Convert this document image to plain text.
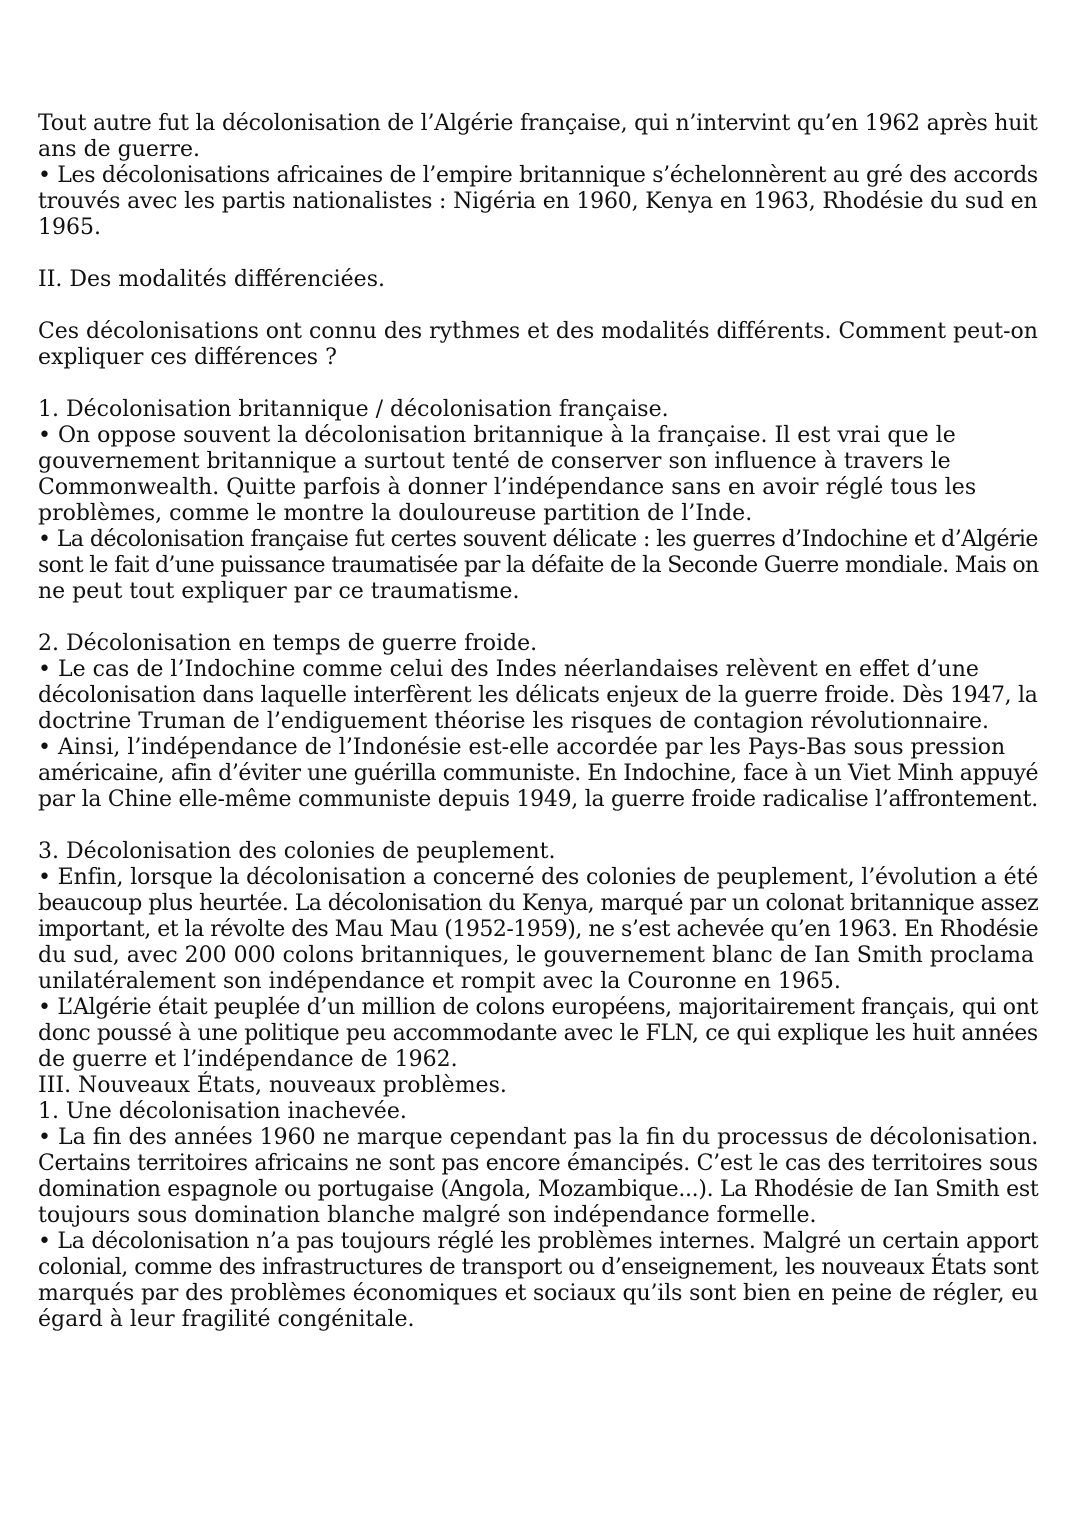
Tout autre fut la décolonisation de l’Algérie française, qui n’intervint qu’en 1962 après huit
ans de guerre.
• Les décolonisations africaines de l’empire britannique s’échelonnèrent au gré des accords
trouvés avec les partis nationalistes : Nigéria en 1960, Kenya en 1963, Rhodésie du sud en
1965.
II. Des modalités différenciées.
Ces décolonisations ont connu des rythmes et des modalités différents. Comment peut-on
expliquer ces différences ?
1. Décolonisation britannique / décolonisation française.
• On oppose souvent la décolonisation britannique à la française. Il est vrai que le
gouvernement britannique a surtout tenté de conserver son influence à travers le
Commonwealth. Quitte parfois à donner l’indépendance sans en avoir réglé tous les
problèmes, comme le montre la douloureuse partition de l’Inde.
• La décolonisation française fut certes souvent délicate : les guerres d’Indochine et d’Algérie
sont le fait d’une puissance traumatisée par la défaite de la Seconde Guerre mondiale. Mais on
ne peut tout expliquer par ce traumatisme.
2. Décolonisation en temps de guerre froide.
• Le cas de l’Indochine comme celui des Indes néerlandaises relèvent en effet d’une
décolonisation dans laquelle interfèrent les délicats enjeux de la guerre froide. Dès 1947, la
doctrine Truman de l’endiguement théorise les risques de contagion révolutionnaire.
• Ainsi, l’indépendance de l’Indonésie est-elle accordée par les Pays-Bas sous pression
américaine, afin d’éviter une guérilla communiste. En Indochine, face à un Viet Minh appuyé
par la Chine elle-même communiste depuis 1949, la guerre froide radicalise l’affrontement.
3. Décolonisation des colonies de peuplement.
• Enfin, lorsque la décolonisation a concerné des colonies de peuplement, l’évolution a été
beaucoup plus heurtée. La décolonisation du Kenya, marqué par un colonat britannique assez
important, et la révolte des Mau Mau (1952-1959), ne s’est achevée qu’en 1963. En Rhodésie
du sud, avec 200 000 colons britanniques, le gouvernement blanc de Ian Smith proclama
unilatéralement son indépendance et rompit avec la Couronne en 1965.
• L’Algérie était peuplée d’un million de colons européens, majoritairement français, qui ont
donc poussé à une politique peu accommodante avec le FLN, ce qui explique les huit années
de guerre et l’indépendance de 1962.
III. Nouveaux États, nouveaux problèmes.
1. Une décolonisation inachevée.
• La fin des années 1960 ne marque cependant pas la fin du processus de décolonisation.
Certains territoires africains ne sont pas encore émancipés. C’est le cas des territoires sous
domination espagnole ou portugaise (Angola, Mozambique...). La Rhodésie de Ian Smith est
toujours sous domination blanche malgré son indépendance formelle.
• La décolonisation n’a pas toujours réglé les problèmes internes. Malgré un certain apport
colonial, comme des infrastructures de transport ou d’enseignement, les nouveaux États sont
marqués par des problèmes économiques et sociaux qu’ils sont bien en peine de régler, eu
égard à leur fragilité congénitale.
